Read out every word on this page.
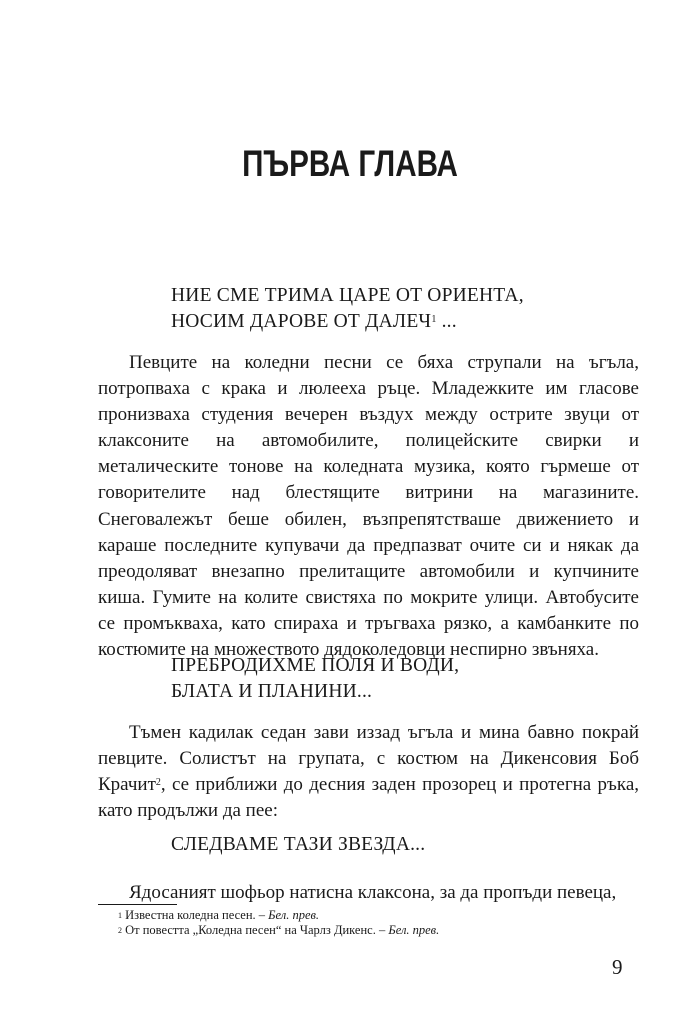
ПЪРВА ГЛАВА
НИЕ СМЕ ТРИМА ЦАРЕ ОТ ОРИЕНТА,
НОСИМ ДАРОВЕ ОТ ДАЛЕЧ$^1$ ...

Певците на коледни песни се бяха струпали на ъгъла, потропваха с крака и люлееха ръце. Младежките им гласове пронизваха студения вечерен въздух между острите звуци от клаксоните на автомобилите, полицейските свирки и металическите тонове на коледната музика, която гърмеше от говорителите над блестящите витрини на магазините. Снеговалежът беше обилен, възпрепятстваше движението и караше последните купувачи да предпазват очите си и някак да преодоляват внезапно прелитащите автомобили и купчините киша. Гумите на колите свистяха по мокрите улици. Автобусите се промъкваха, като спираха и тръгваха рязко, а камбанките по костюмите на множеството дядоколедовци неспирно звъняха.

ПРЕБРОДИХМЕ ПОЛЯ И ВОДИ,
БЛАТА И ПЛАНИНИ...

Тъмен кадилак седан зави иззад ъгъла и мина бавно покрай певците. Солистът на групата, с костюм на Дикенсовия Боб Крачит$^2$, се приближи до десния заден прозорец и протегна ръка, като продължи да пее:

СЛЕДВАМЕ ТАЗИ ЗВЕЗДА...

Ядосаният шофьор натисна клаксона, за да пропъди певеца,

$^1$ Известна коледна песен. – Бел. прев.
$^2$ От повестта „Коледна песен“ на Чарлз Дикенс. – Бел. прев.
9
